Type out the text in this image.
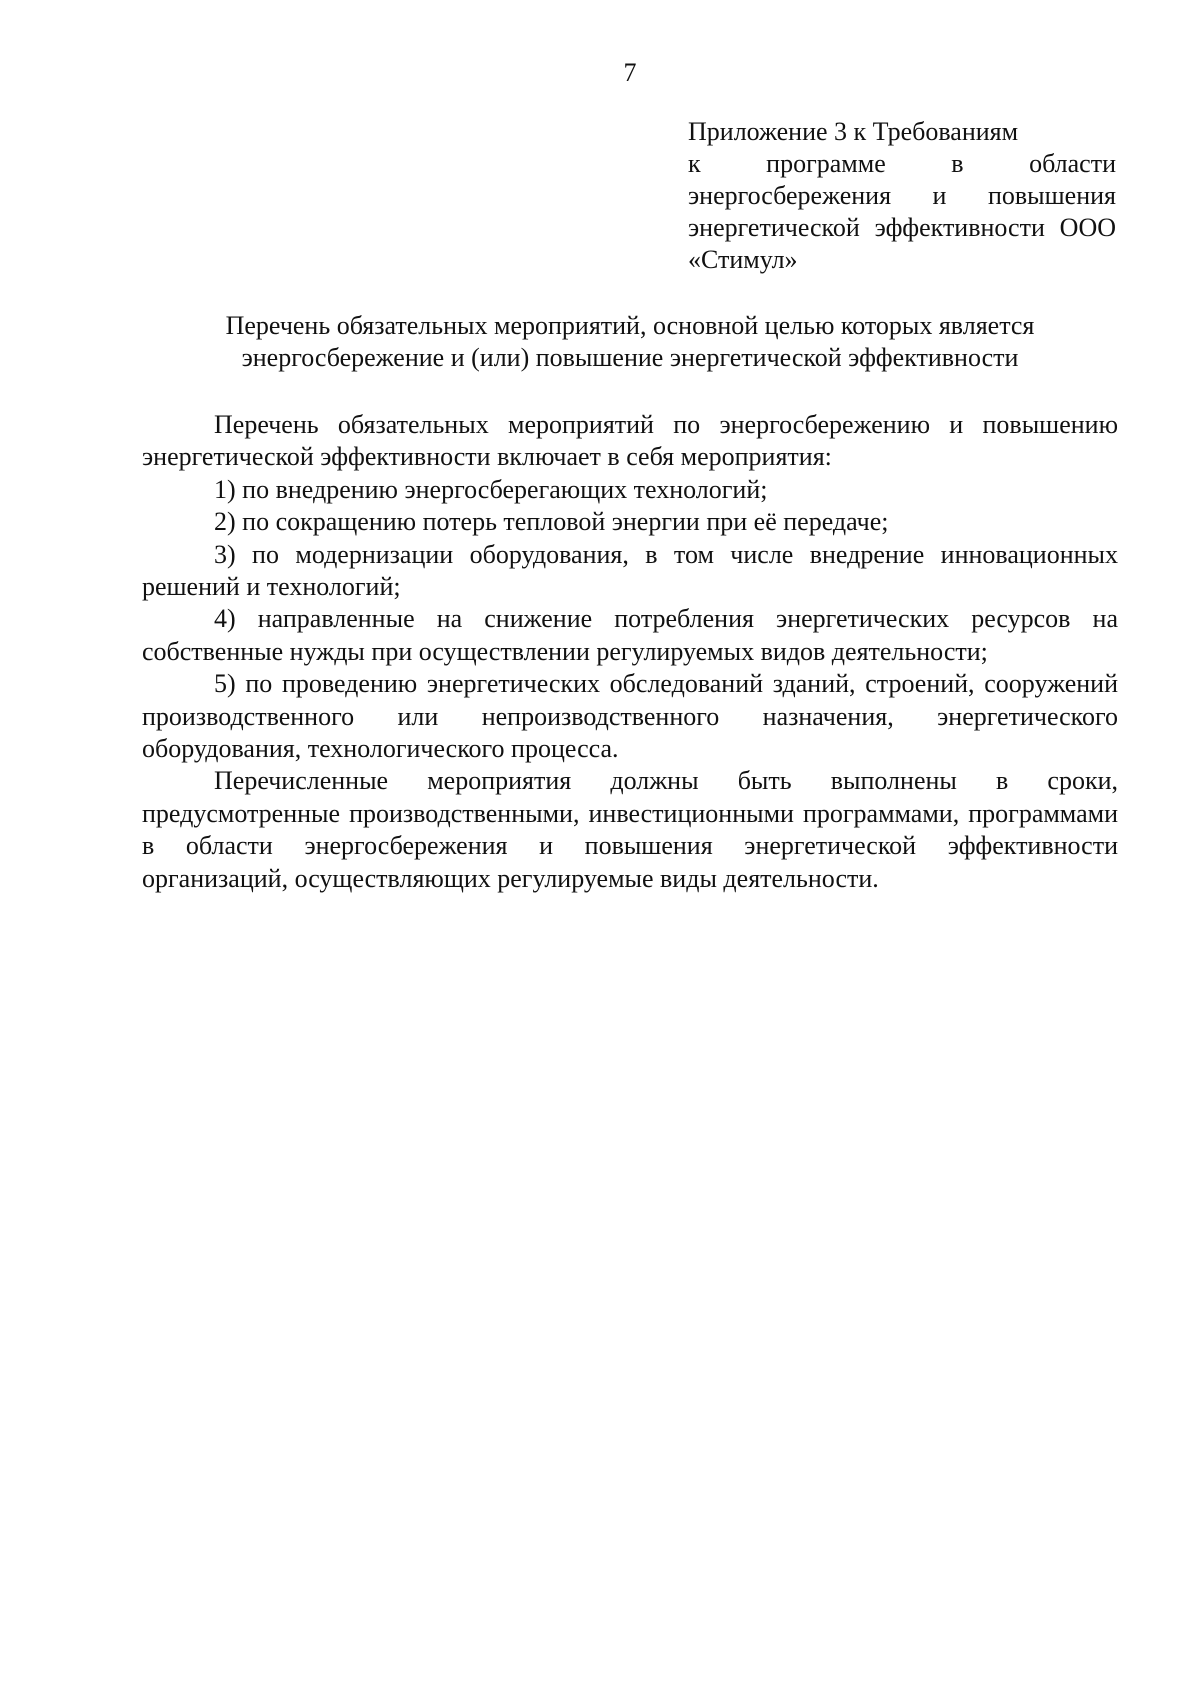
7
Приложение 3 к Требованиям
к программе в области энергосбережения и повышения энергетической эффективности ООО «Стимул»
Перечень обязательных мероприятий, основной целью которых является
энергосбережение и (или) повышение энергетической эффективности

Перечень обязательных мероприятий по энергосбережению и повышению энергетической эффективности включает в себя мероприятия:

1) по внедрению энергосберегающих технологий;

2) по сокращению потерь тепловой энергии при её передаче;

3) по модернизации оборудования, в том числе внедрение инновационных решений и технологий;

4) направленные на снижение потребления энергетических ресурсов на собственные нужды при осуществлении регулируемых видов деятельности;

5) по проведению энергетических обследований зданий, строений, сооружений производственного или непроизводственного назначения, энергетического оборудования, технологического процесса.

Перечисленные мероприятия должны быть выполнены в сроки, предусмотренные производственными, инвестиционными программами, программами в области энергосбережения и повышения энергетической эффективности организаций, осуществляющих регулируемые виды деятельности.
